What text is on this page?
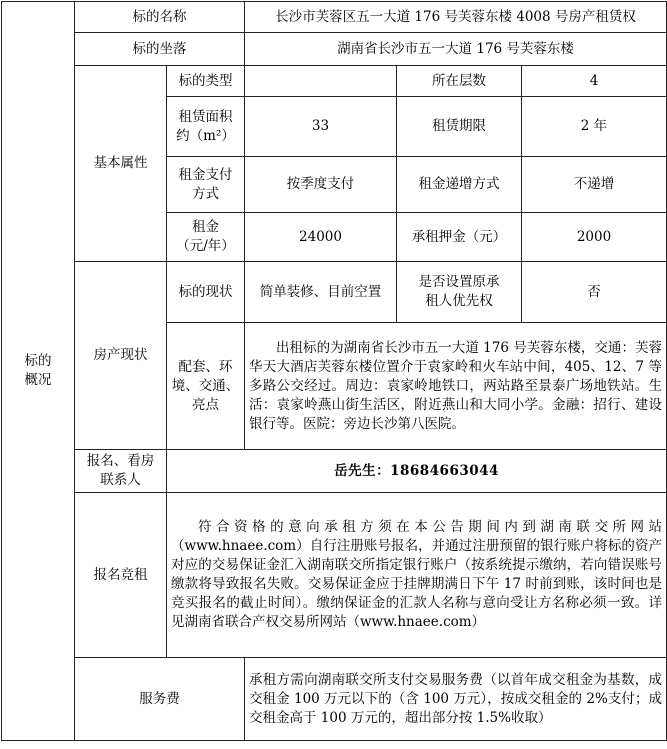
标的
概况	标的名称		长沙市芙蓉区五一大道 176 号芙蓉东楼 4008 号房产租赁权		
	标的坐落		湖南省长沙市五一大道 176 号芙蓉东楼		
	基本属性	标的类型		所在层数	4
		租赁面积
约（m²）	33	租赁期限	2 年
		租金支付
方式	按季度支付	租金递增方式	不递增
		租金
（元/年）	24000	承租押金（元）	2000
	房产现状	标的现状	简单装修、目前空置	是否设置原承
租人优先权	否
		配套、环
境、交通、
亮点	出租标的为湖南省长沙市五一大道 176 号芙蓉东楼，交通：芙蓉华天大酒店芙蓉东楼位置介于袁家岭和火车站中间，405、12、7 等多路公交经过。周边：袁家岭地铁口，两站路至景泰广场地铁站。生活：袁家岭燕山街生活区，附近燕山和大同小学。金融：招行、建设银行等。医院：旁边长沙第八医院。		
	报名、看房
联系人	岳先生：18684663044			
	报名竞租	符合资格的意向承租方须在本公告期间内到湖南联交所网站（www.hnaee.com）自行注册账号报名，并通过注册预留的银行账户将标的资产对应的交易保证金汇入湖南联交所指定银行账户（按系统提示缴纳，若向错误账号缴款将导致报名失败。交易保证金应于挂牌期满日下午 17 时前到账，该时间也是竞买报名的截止时间）。缴纳保证金的汇款人名称与意向受让方名称必须一致。详见湖南省联合产权交易所网站（www.hnaee.com）			
	服务费		承租方需向湖南联交所支付交易服务费（以首年成交租金为基数，成交租金 100 万元以下的（含 100 万元），按成交租金的 2%支付；成交租金高于 100 万元的，超出部分按 1.5%收取）		
